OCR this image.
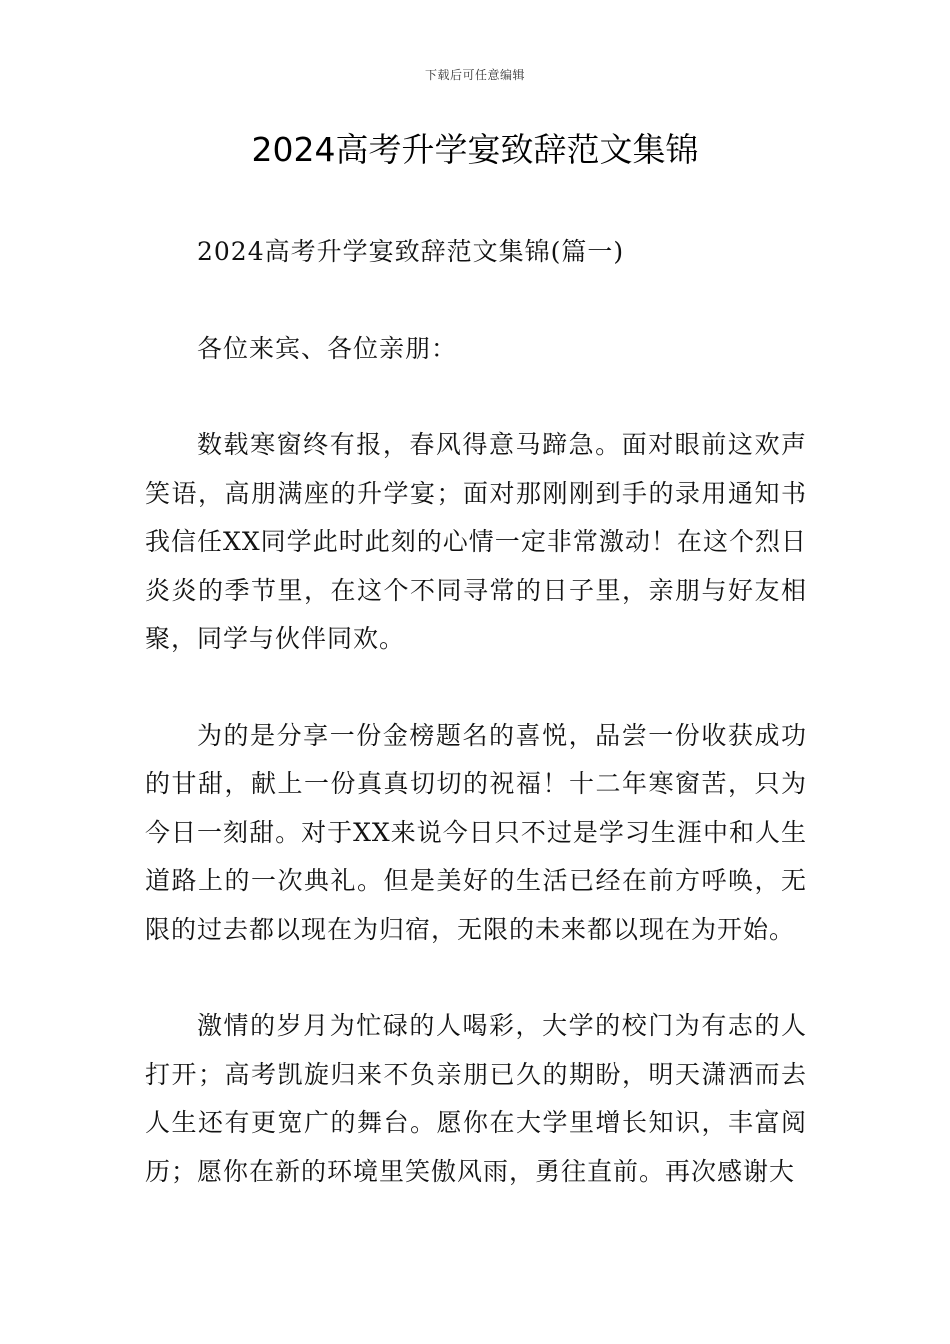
下载后可任意编辑
2024高考升学宴致辞范文集锦

2024高考升学宴致辞范文集锦(篇一)

各位来宾、各位亲朋：

数载寒窗终有报，春风得意马蹄急。面对眼前这欢声笑语，高朋满座的升学宴；面对那刚刚到手的录用通知书我信任XX同学此时此刻的心情一定非常激动！在这个烈日炎炎的季节里，在这个不同寻常的日子里，亲朋与好友相聚，同学与伙伴同欢。

为的是分享一份金榜题名的喜悦，品尝一份收获成功的甘甜，献上一份真真切切的祝福！十二年寒窗苦，只为今日一刻甜。对于XX来说今日只不过是学习生涯中和人生道路上的一次典礼。但是美好的生活已经在前方呼唤，无限的过去都以现在为归宿，无限的未来都以现在为开始。

激情的岁月为忙碌的人喝彩，大学的校门为有志的人打开；高考凯旋归来不负亲朋已久的期盼，明天潇洒而去人生还有更宽广的舞台。愿你在大学里增长知识，丰富阅历；愿你在新的环境里笑傲风雨，勇往直前。再次感谢大
